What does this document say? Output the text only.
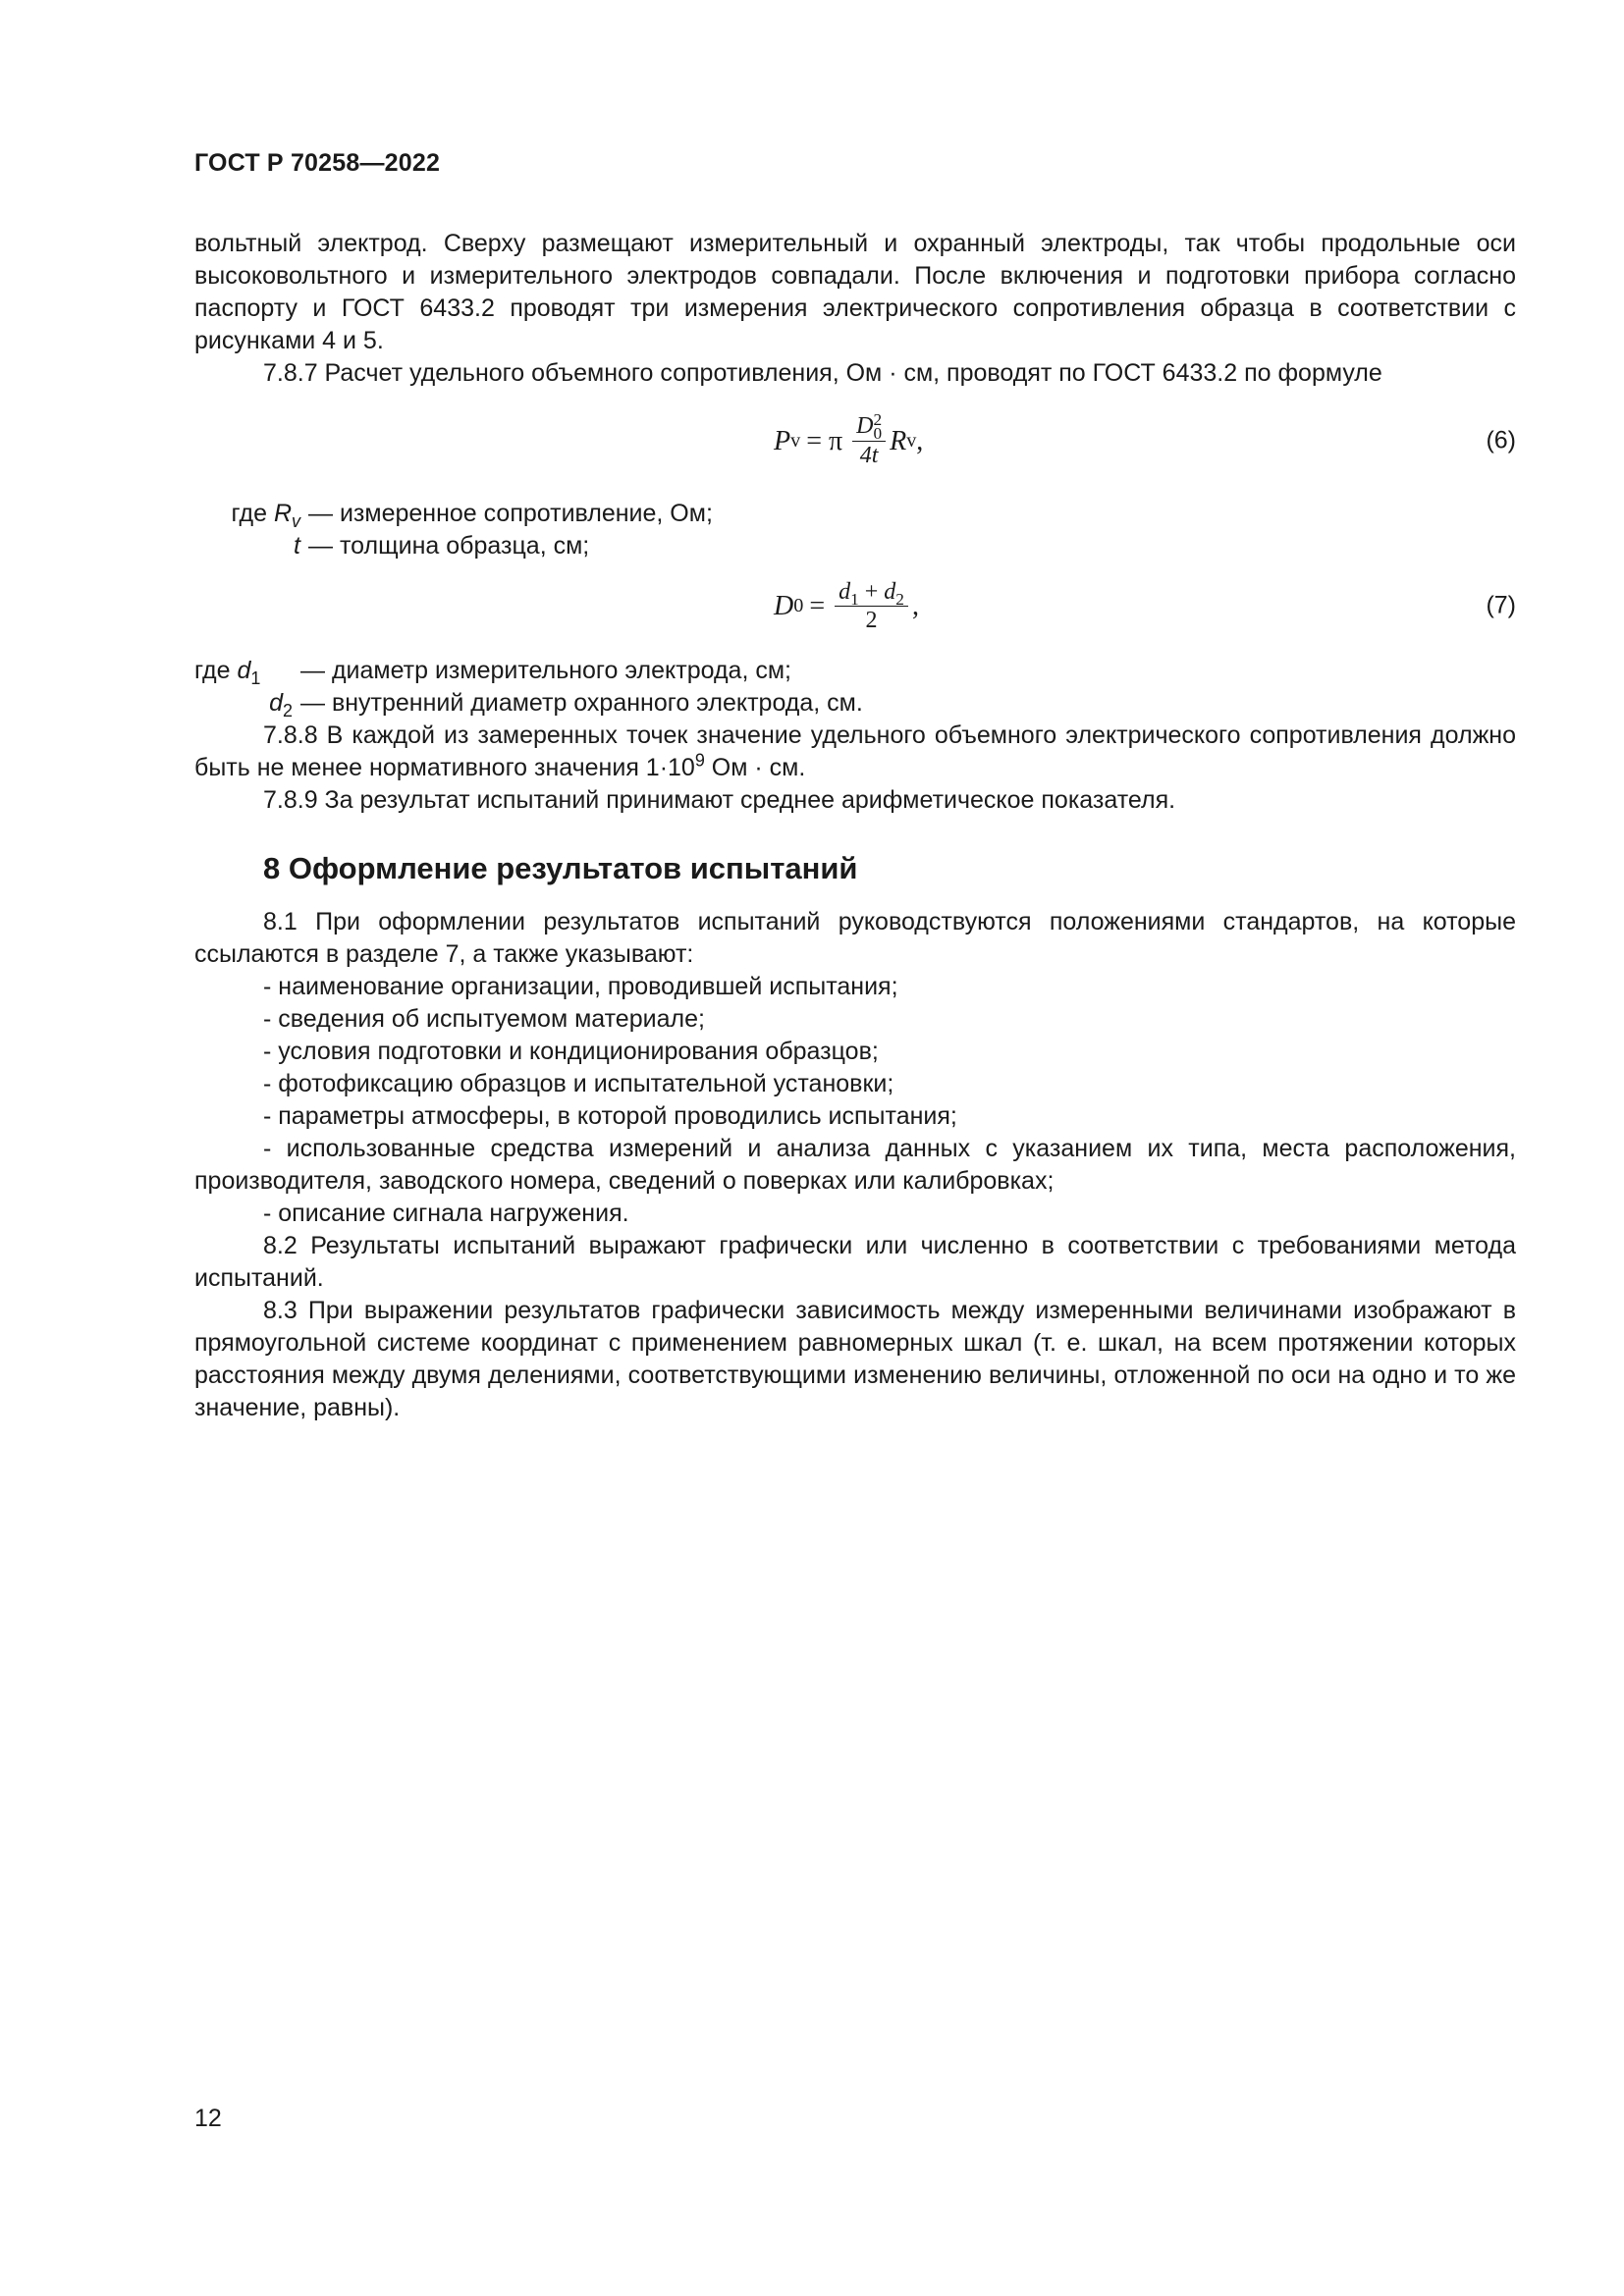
ГОСТ Р 70258—2022

вольтный электрод. Сверху размещают измерительный и охранный электроды, так чтобы продольные оси высоковольтного и измерительного электродов совпадали. После включения и подготовки прибора согласно паспорту и ГОСТ 6433.2 проводят три измерения электрического сопротивления образца в соответствии с рисунками 4 и 5.

7.8.7 Расчет удельного объемного сопротивления, Ом · см, проводят по ГОСТ 6433.2 по формуле

P v = π D 2
0
4t R v ,	(6)
где $R_v$ — измеренное сопротивление, Ом;
t — толщина образца, см;
D $0 = \frac{d_1 + d_2}{2}$ ,	(7)
где $d_1$	— диаметр измерительного электрода, см;
$d_2$ — внутренний диаметр охранного электрода, см.

7.8.8 В каждой из замеренных точек значение удельного объемного электрического сопротивления должно быть не менее нормативного значения $1\cdot 10^9$ Ом · см.

7.8.9 За результат испытаний принимают среднее арифметическое показателя.

8 Оформление результатов испытаний

8.1 При оформлении результатов испытаний руководствуются положениями стандартов, на которые ссылаются в разделе 7, а также указывают:

- наименование организации, проводившей испытания;

- сведения об испытуемом материале;

- условия подготовки и кондиционирования образцов;

- фотофиксацию образцов и испытательной установки;

- параметры атмосферы, в которой проводились испытания;

- использованные средства измерений и анализа данных с указанием их типа, места расположения, производителя, заводского номера, сведений о поверках или калибровках;

- описание сигнала нагружения.

8.2 Результаты испытаний выражают графически или численно в соответствии с требованиями метода испытаний.

8.3 При выражении результатов графически зависимость между измеренными величинами изображают в прямоугольной системе координат с применением равномерных шкал (т. е. шкал, на всем протяжении которых расстояния между двумя делениями, соответствующими изменению величины, отложенной по оси на одно и то же значение, равны).

12
